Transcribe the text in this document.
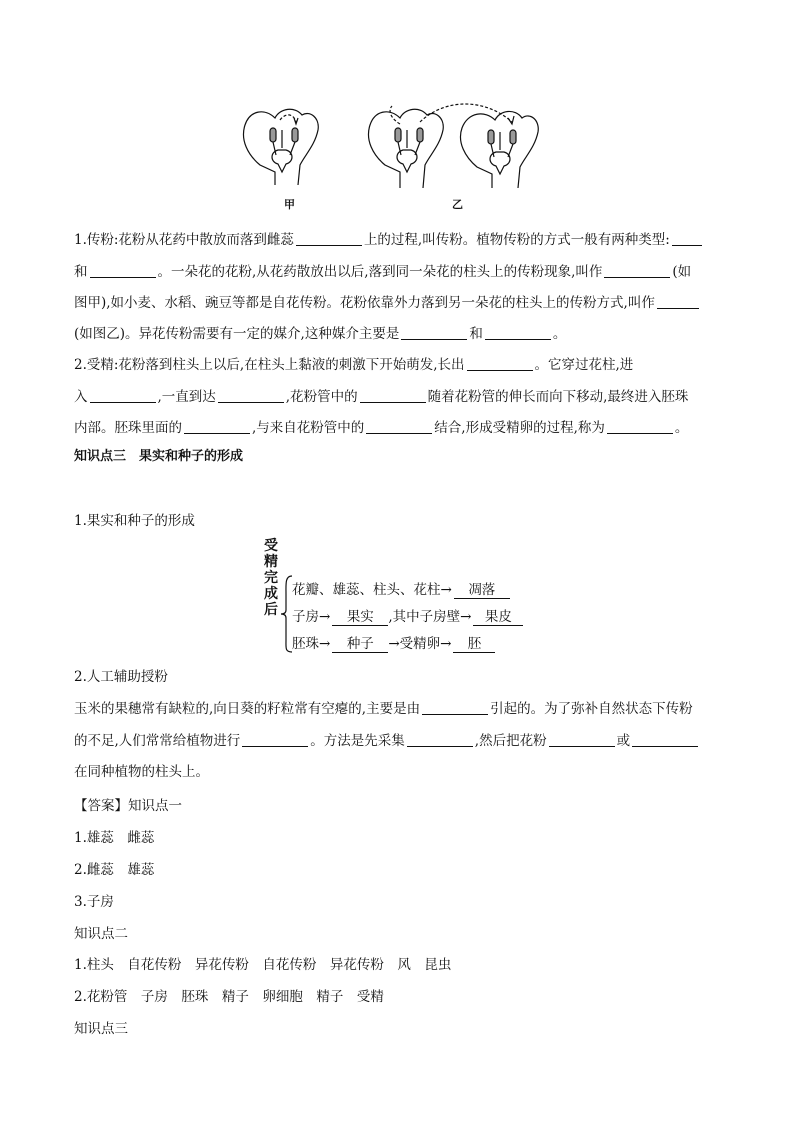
甲	乙
1.传粉:花粉从花药中散放而落到雌蕊	上的过程,叫传粉。植物传粉的方式一般有两种类型:
和	。一朵花的花粉,从花药散放出以后,落到同一朵花的柱头上的传粉现象,叫作	(如
图甲),如小麦、水稻、豌豆等都是自花传粉。花粉依靠外力落到另一朵花的柱头上的传粉方式,叫作
(如图乙)。异花传粉需要有一定的媒介,这种媒介主要是	和	。
2.受精:花粉落到柱头上以后,在柱头上黏液的刺激下开始萌发,长出	。它穿过花柱,进
入	,一直到达	,花粉管中的	随着花粉管的伸长而向下移动,最终进入胚珠
内部。胚珠里面的	,与来自花粉管中的	结合,形成受精卵的过程,称为	。
知识点三　果实和种子的形成
1.果实和种子的形成
受
精
完
成
后
花瓣、雄蕊、柱头、花柱→ 凋落
子房→ 果实 ,其中子房壁→ 果皮
胚珠→ 种子 →受精卵→ 胚
2.人工辅助授粉
玉米的果穗常有缺粒的,向日葵的籽粒常有空瘪的,主要是由	引起的。为了弥补自然状态下传粉
的不足,人们常常给植物进行	。方法是先采集	,然后把花粉	或
在同种植物的柱头上。
【答案】知识点一
1.雄蕊　雌蕊
2.雌蕊　雄蕊
3.子房
知识点二
1.柱头　自花传粉　异花传粉　自花传粉　异花传粉　风　昆虫
2.花粉管　子房　胚珠　精子　卵细胞　精子　受精
知识点三
